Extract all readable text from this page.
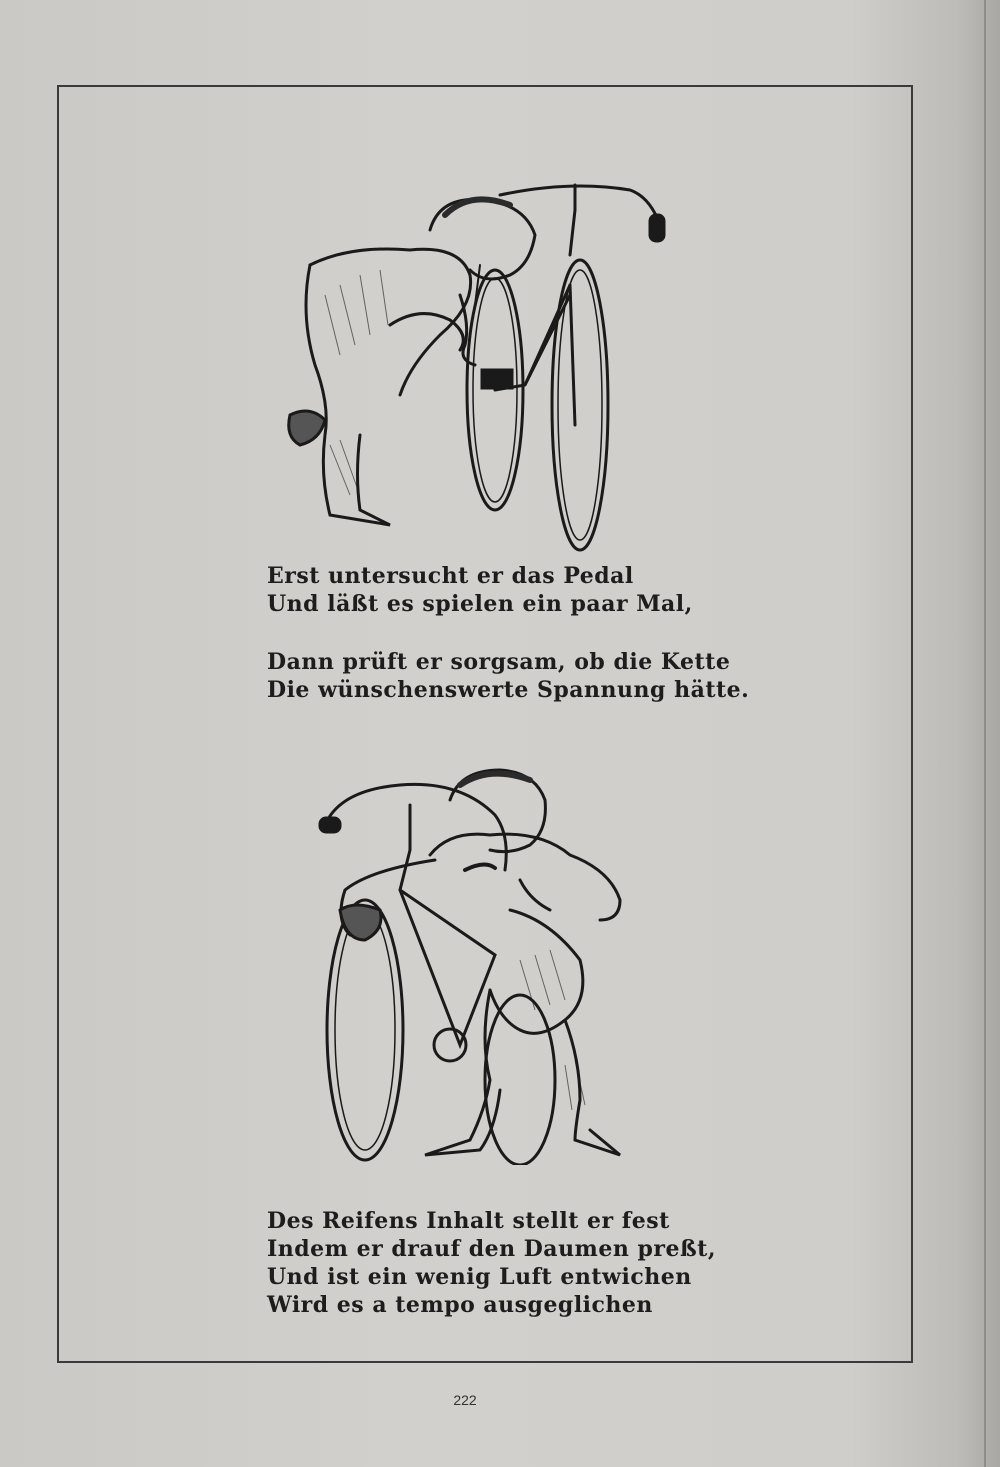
Erst untersucht er das Pedal
Und läßt es spielen ein paar Mal,
Dann prüft er sorgsam, ob die Kette
Die wünschenswerte Spannung hätte.
Des Reifens Inhalt stellt er fest
Indem er drauf den Daumen preßt,
Und ist ein wenig Luft entwichen
Wird es a tempo ausgeglichen
222
